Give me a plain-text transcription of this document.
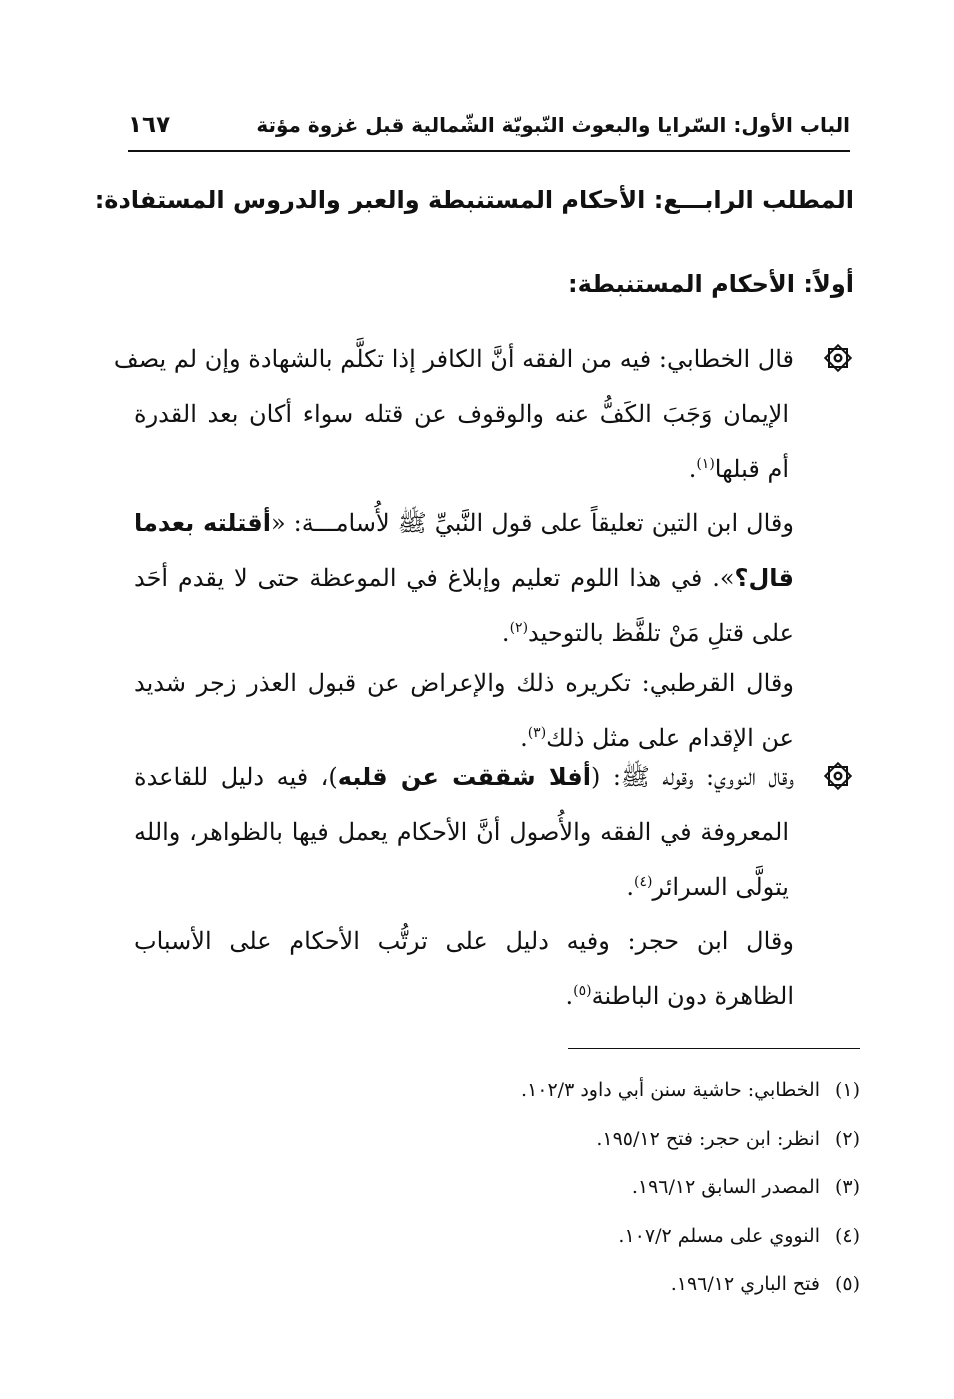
الباب الأول: السّرايا والبعوث النّبويّة الشّمالية قبل غزوة مؤتة
١٦٧
المطلب الرابـــع: الأحكام المستنبطة والعبر والدروس المستفادة:
أولاً: الأحكام المستنبطة:
قال الخطابي: فيه من الفقه أنَّ الكافر إذا تكلَّم بالشهادة وإن لم يصف
الإيمان وَجَبَ الكَفُّ عنه والوقوف عن قتله سواء أكان بعد القدرة
أم قبلها$^{(١)}$.
وقال ابن التين تعليقاً على قول النَّبيِّ ﷺ لأُسامـــة: «أقتلته بعدما
قال؟». في هذا اللوم تعليم وإبلاغ في الموعظة حتى لا يقدم أحَد
على قتلِ مَنْ تلفَّظ بالتوحيد$^{(٢)}$.
وقال القرطبي: تكريره ذلك والإعراض عن قبول العذر زجر شديد
عن الإقدام على مثل ذلك$^{(٣)}$.
وقال النووي: وقوله ﷺ: (أفلا شققت عن قلبه)، فيه دليل للقاعدة
المعروفة في الفقه والأُصول أنَّ الأحكام يعمل فيها بالظواهر، والله
يتولَّى السرائر$^{(٤)}$.
وقال ابن حجر: وفيه دليل على ترتُّب الأحكام على الأسباب
الظاهرة دون الباطنة$^{(٥)}$.
(١)الخطابي: حاشية سنن أبي داود ١٠٢/٣.
(٢)انظر: ابن حجر: فتح ١٩٥/١٢.
(٣)المصدر السابق ١٩٦/١٢.
(٤)النووي على مسلم ١٠٧/٢.
(٥)فتح الباري ١٩٦/١٢.
